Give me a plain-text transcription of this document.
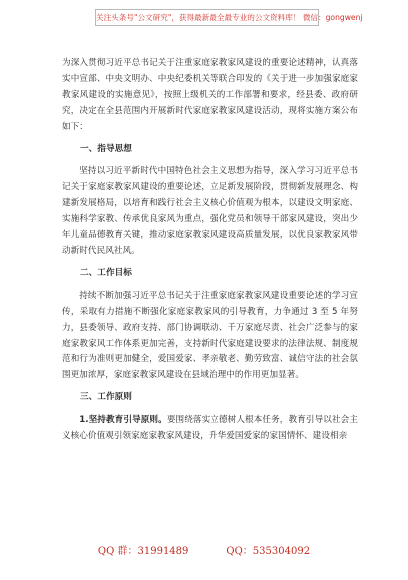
关注头条号"公文研究"，获得最新最全最专业的公文资料库！ 微信：gongwenj

为深入贯彻习近平总书记关于注重家庭家教家风建设的重要论述精神，认真落实中宣部、中央文明办、中央纪委机关等联合印发的《关于进一步加强家庭家教家风建设的实施意见》，按照上级机关的工作部署和要求，经县委、政府研究，决定在全县范围内开展新时代家庭家教家风建设活动，现将实施方案公布如下：

一、指导思想

坚持以习近平新时代中国特色社会主义思想为指导，深入学习习近平总书记关于家庭家教家风建设的重要论述，立足新发展阶段，贯彻新发展理念、构建新发展格局，以培育和践行社会主义核心价值观为根本，以建设文明家庭、实施科学家教、传承优良家风为重点，强化党员和领导干部家风建设，突出少年儿童品德教育关键，推动家庭家教家风建设高质量发展，以优良家教家风带动新时代民风社风。

二、工作目标

持续不断加强习近平总书记关于注重家庭家教家风建设重要论述的学习宣传，采取有力措施不断强化家庭家教家风的引导教育，力争通过 3 至 5 年努力，县委领导、政府支持、部门协调联动、千万家庭尽责、社会广泛参与的家庭家教家风工作体系更加完善，支持新时代家庭建设要求的法律法规、制度规范和行为准则更加健全，爱国爱家、孝亲敬老、勤劳致富、诚信守法的社会氛围更加浓厚，家庭家教家风建设在县域治理中的作用更加显著。

三、工作原则

1.坚持教育引导原则。要围绕落实立德树人根本任务，教育引导以社会主义核心价值观引领家庭家教家风建设，升华爱国爱家的家国情怀、建设相亲

QQ 群：31991489	QQ：535304092
